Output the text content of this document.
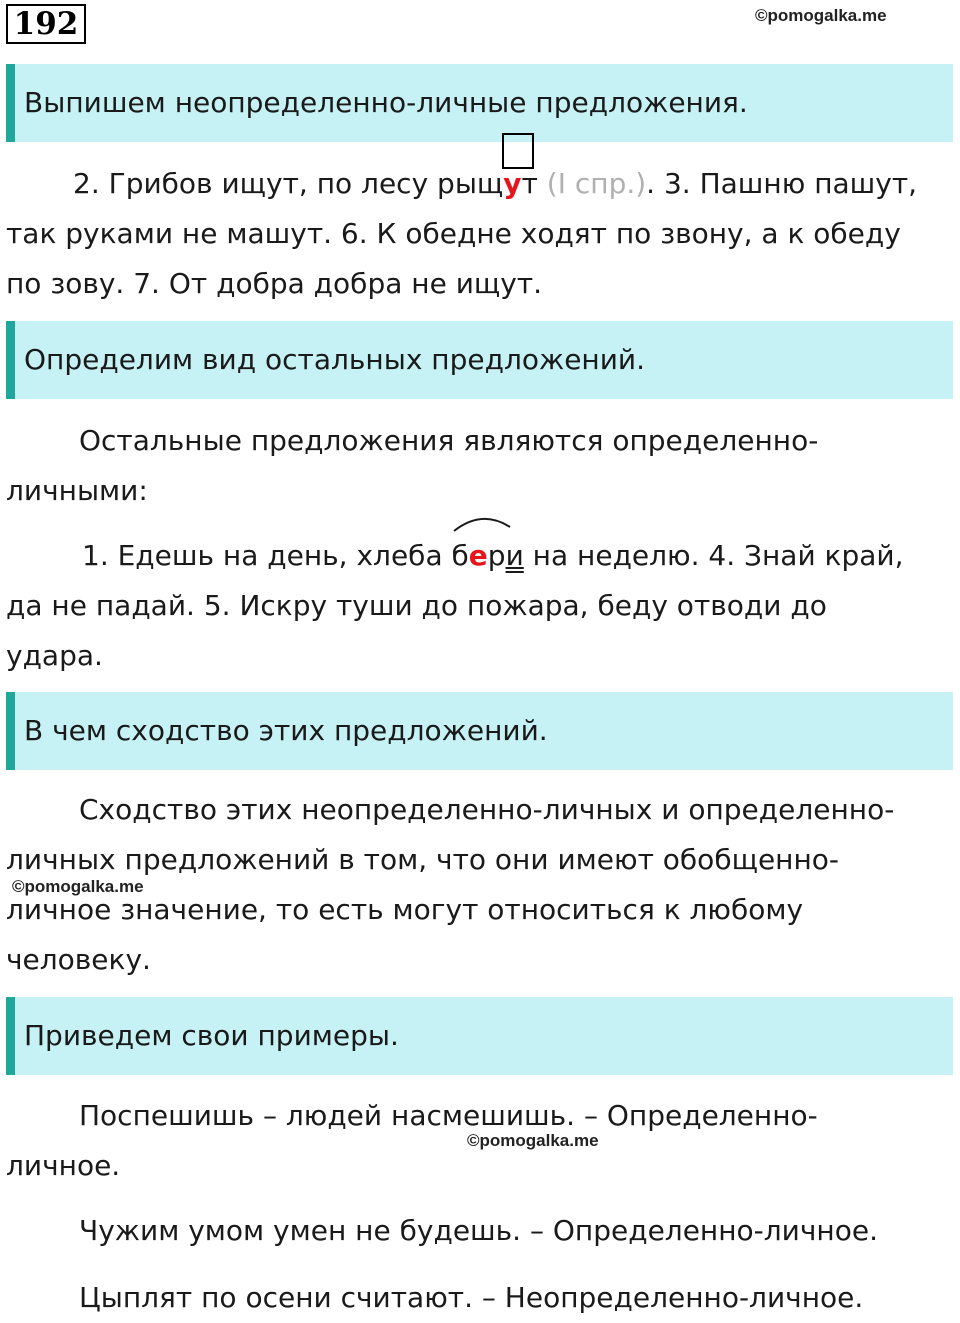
192	©pomogalka.me
Выпишем неопределенно-личные предложения.
2. Грибов ищут, по лесу рыщ
ут (I спр.). 3. Пашню пашут,
так руками не машут. 6. К обедне ходят по звону, а к обеду
по зову. 7. От добра добра не ищут.
Определим вид остальных предложений.
Остальные предложения являются определенно-
личными:
1. Едешь на день, хлеба
бери на неделю. 4. Знай край,
да не падай. 5. Искру туши до пожара, беду отводи до
удара.
В чем сходство этих предложений.
Сходство этих неопределенно-личных и определенно-
личных предложений в том, что они имеют обобщенно-
личное значение, то есть могут относиться к любому
человеку.
©pomogalka.me
Приведем свои примеры.
Поспешишь – людей насмешишь. – Определенно-
личное.
©pomogalka.me
Чужим умом умен не будешь. – Определенно-личное.
Цыплят по осени считают. – Неопределенно-личное.
